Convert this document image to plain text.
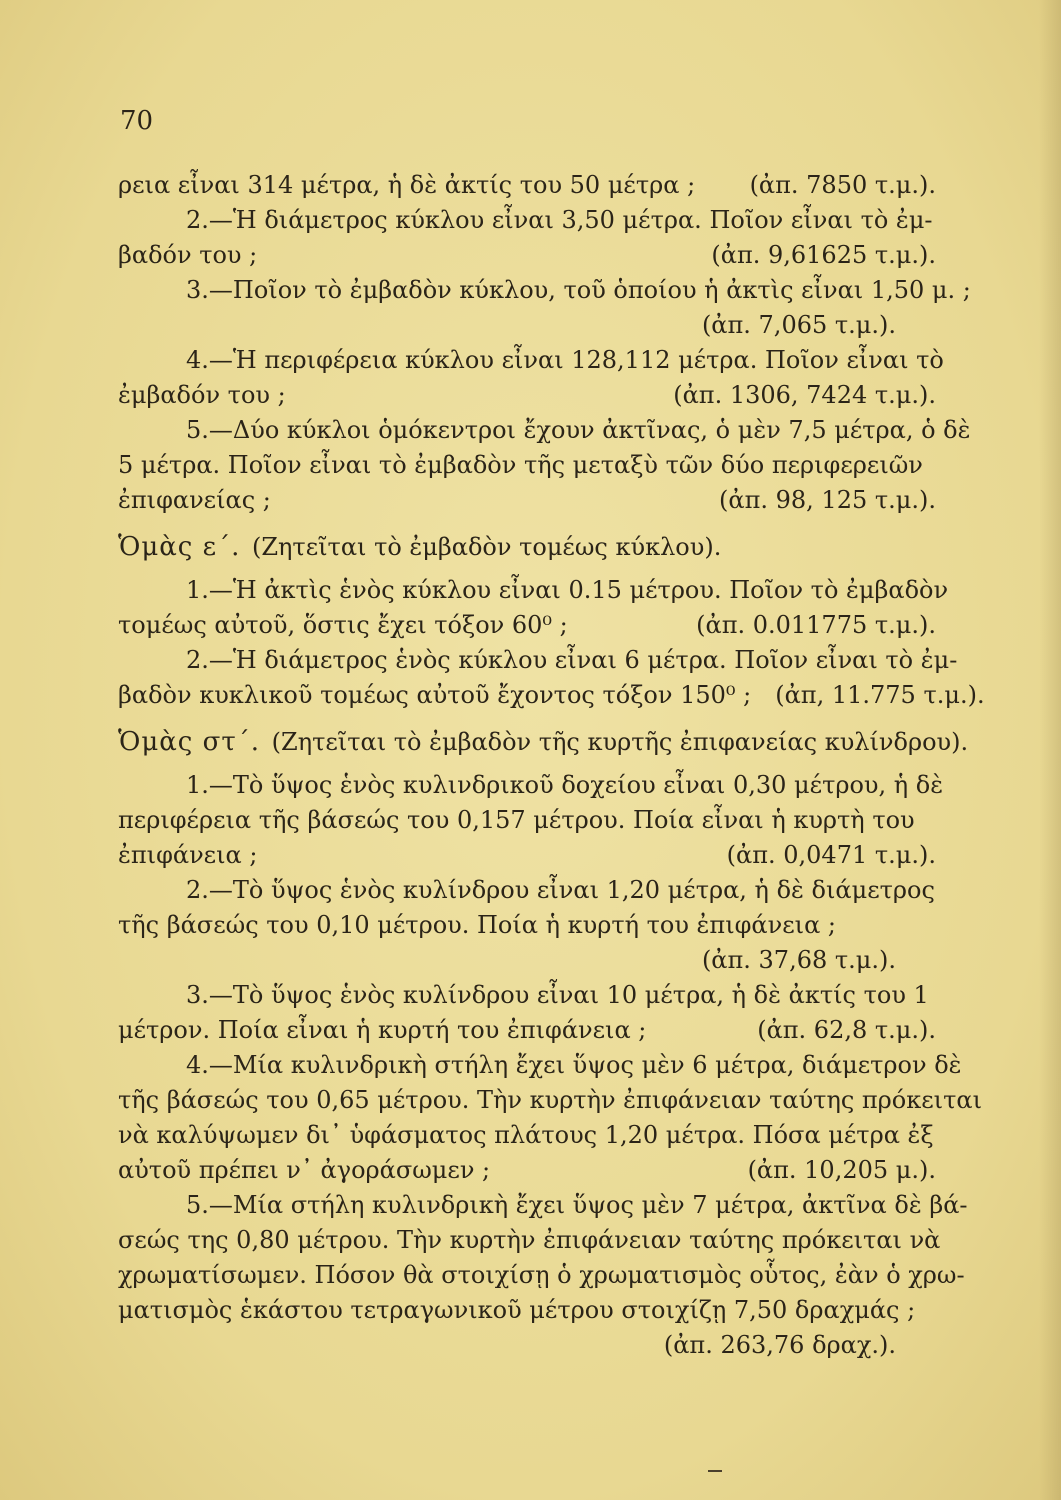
70
ρεια εἶναι 314 μέτρα, ἡ δὲ ἀκτίς του 50 μέτρα ;	(ἀπ. 7850 τ.μ.).
2.—Ἡ διάμετρος κύκλου εἶναι 3,50 μέτρα. Ποῖον εἶναι τὸ ἐμ-
βαδόν του ;	(ἀπ. 9,61625 τ.μ.).
3.—Ποῖον τὸ ἐμβαδὸν κύκλου, τοῦ ὁποίου ἡ ἀκτὶς εἶναι 1,50 μ. ;
(ἀπ. 7,065 τ.μ.).
4.—Ἡ περιφέρεια κύκλου εἶναι 128,112 μέτρα. Ποῖον εἶναι τὸ
ἐμβαδόν του ;	(ἀπ. 1306, 7424 τ.μ.).
5.—Δύο κύκλοι ὁμόκεντροι ἔχουν ἀκτῖνας, ὁ μὲν 7,5 μέτρα, ὁ δὲ
5 μέτρα. Ποῖον εἶναι τὸ ἐμβαδὸν τῆς μεταξὺ τῶν δύο περιφερειῶν
ἐπιφανείας ;	(ἀπ. 98, 125 τ.μ.).
Ὁμὰς ε΄. (Ζητεῖται τὸ ἐμβαδὸν τομέως κύκλου).
1.—Ἡ ἀκτὶς ἑνὸς κύκλου εἶναι 0.15 μέτρου. Ποῖον τὸ ἐμβαδὸν
τομέως αὐτοῦ, ὅστις ἔχει τόξον 60⁰ ;	(ἀπ. 0.011775 τ.μ.).
2.—Ἡ διάμετρος ἑνὸς κύκλου εἶναι 6 μέτρα. Ποῖον εἶναι τὸ ἐμ-
βαδὸν κυκλικοῦ τομέως αὐτοῦ ἔχοντος τόξον 150⁰ ;	(ἀπ, 11.775 τ.μ.).
Ὁμὰς στ΄. (Ζητεῖται τὸ ἐμβαδὸν τῆς κυρτῆς ἐπιφανείας κυλίνδρου).
1.—Τὸ ὕψος ἑνὸς κυλινδρικοῦ δοχείου εἶναι 0,30 μέτρου, ἡ δὲ
περιφέρεια τῆς βάσεώς του 0,157 μέτρου. Ποία εἶναι ἡ κυρτὴ του
ἐπιφάνεια ;	(ἀπ. 0,0471 τ.μ.).
2.—Τὸ ὕψος ἑνὸς κυλίνδρου εἶναι 1,20 μέτρα, ἡ δὲ διάμετρος
τῆς βάσεώς του 0,10 μέτρου. Ποία ἡ κυρτή του ἐπιφάνεια ;
(ἀπ. 37,68 τ.μ.).
3.—Τὸ ὕψος ἑνὸς κυλίνδρου εἶναι 10 μέτρα, ἡ δὲ ἀκτίς του 1
μέτρον. Ποία εἶναι ἡ κυρτή του ἐπιφάνεια ;	(ἀπ. 62,8 τ.μ.).
4.—Μία κυλινδρικὴ στήλη ἔχει ὕψος μὲν 6 μέτρα, διάμετρον δὲ
τῆς βάσεώς του 0,65 μέτρου. Τὴν κυρτὴν ἐπιφάνειαν ταύτης πρόκειται
νὰ καλύψωμεν δι᾿ ὑφάσματος πλάτους 1,20 μέτρα. Πόσα μέτρα ἐξ
αὐτοῦ πρέπει ν᾿ ἀγοράσωμεν ;	(ἀπ. 10,205 μ.).
5.—Μία στήλη κυλινδρικὴ ἔχει ὕψος μὲν 7 μέτρα, ἀκτῖνα δὲ βά-
σεώς της 0,80 μέτρου. Τὴν κυρτὴν ἐπιφάνειαν ταύτης πρόκειται νὰ
χρωματίσωμεν. Πόσον θὰ στοιχίσῃ ὁ χρωματισμὸς οὗτος, ἐὰν ὁ χρω-
ματισμὸς ἑκάστου τετραγωνικοῦ μέτρου στοιχίζῃ 7,50 δραχμάς ;
(ἀπ. 263,76 δραχ.).
